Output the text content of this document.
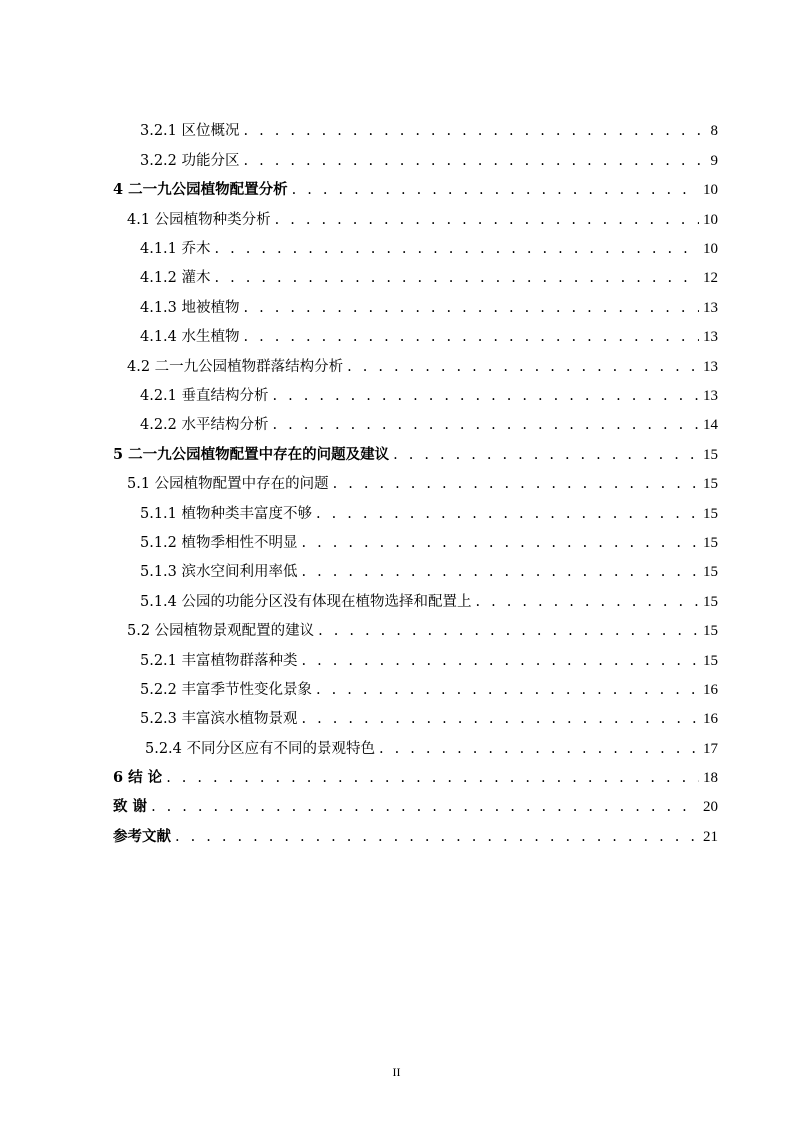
3.2.1 区位概况 . . .	8
3.2.2 功能分区 . . .	9
4 二一九公园植物配置分析 . . .	10
4.1 公园植物种类分析 . . .	10
4.1.1 乔木 . . .	10
4.1.2 灌木 . . .	12
4.1.3 地被植物 . . .	13
4.1.4 水生植物 . . .	13
4.2 二一九公园植物群落结构分析 . . .	13
4.2.1 垂直结构分析 . . .	13
4.2.2 水平结构分析 . . .	14
5 二一九公园植物配置中存在的问题及建议 . . .	15
5.1 公园植物配置中存在的问题 . . .	15
5.1.1 植物种类丰富度不够 . . .	15
5.1.2 植物季相性不明显 . . .	15
5.1.3 滨水空间利用率低 . . .	15
5.1.4 公园的功能分区没有体现在植物选择和配置上 . . .	15
5.2 公园植物景观配置的建议 . . .	15
5.2.1 丰富植物群落种类 . . .	15
5.2.2 丰富季节性变化景象 . . .	16
5.2.3 丰富滨水植物景观 . . .	16
5.2.4 不同分区应有不同的景观特色 . . .	17
6 结 论 . . .	18
致 谢 . . .	20
参考文献 . . .	21
II
